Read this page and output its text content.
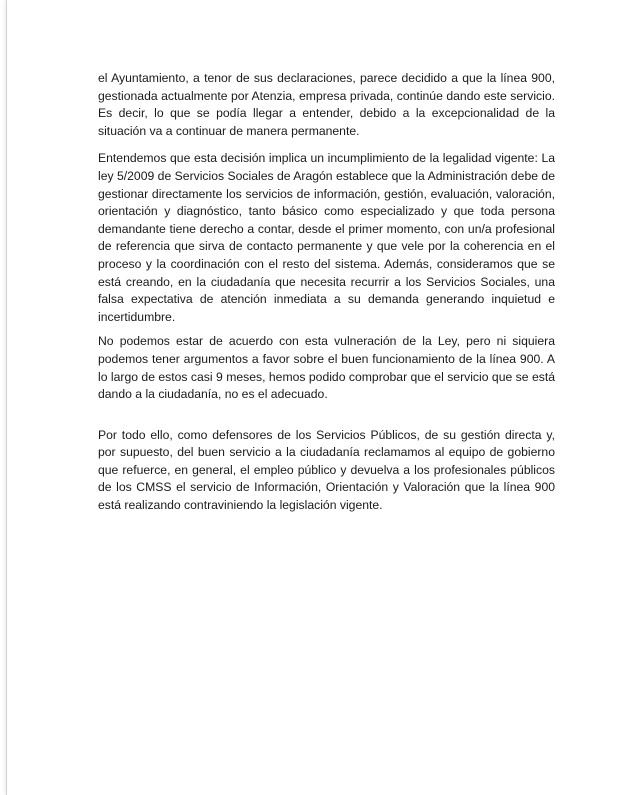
el Ayuntamiento, a tenor de sus declaraciones, parece decidido a que la línea 900, gestionada actualmente por Atenzia, empresa privada, continúe dando este servicio. Es decir, lo que se podía llegar a entender, debido a la excepcionalidad de la situación va a continuar de manera permanente.

Entendemos que esta decisión implica un incumplimiento de la legalidad vigente: La ley 5/2009 de Servicios Sociales de Aragón establece que la Administración debe de gestionar directamente los servicios de información, gestión, evaluación, valoración, orientación y diagnóstico, tanto básico como especializado y que toda persona demandante tiene derecho a contar, desde el primer momento, con un/a profesional de referencia que sirva de contacto permanente y que vele por la coherencia en el proceso y la coordinación con el resto del sistema. Además, consideramos que se está creando, en la ciudadanía que necesita recurrir a los Servicios Sociales, una falsa expectativa de atención inmediata a su demanda generando inquietud e incertidumbre.

No podemos estar de acuerdo con esta vulneración de la Ley, pero ni siquiera podemos tener argumentos a favor sobre el buen funcionamiento de la línea 900. A lo largo de estos casi 9 meses, hemos podido comprobar que el servicio que se está dando a la ciudadanía, no es el adecuado.

Por todo ello, como defensores de los Servicios Públicos, de su gestión directa y, por supuesto, del buen servicio a la ciudadanía reclamamos al equipo de gobierno que refuerce, en general, el empleo público y devuelva a los profesionales públicos de los CMSS el servicio de Información, Orientación y Valoración que la línea 900 está realizando contraviniendo la legislación vigente.
